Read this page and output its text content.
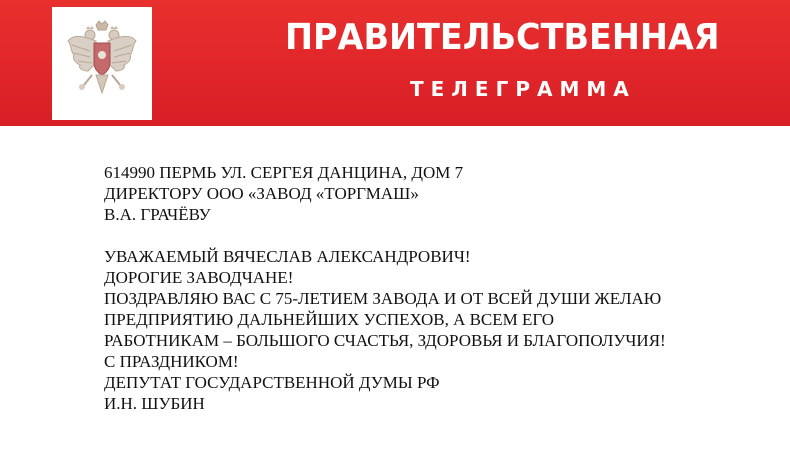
ПРАВИТЕЛЬСТВЕННАЯ
ТЕЛЕГРАММА
614990 ПЕРМЬ УЛ. СЕРГЕЯ ДАНЦИНА, ДОМ 7
ДИРЕКТОРУ ООО «ЗАВОД «ТОРГМАШ»
В.А. ГРАЧЁВУ
УВАЖАЕМЫЙ ВЯЧЕСЛАВ АЛЕКСАНДРОВИЧ!
ДОРОГИЕ ЗАВОДЧАНЕ!
ПОЗДРАВЛЯЮ ВАС С 75-ЛЕТИЕМ ЗАВОДА И ОТ ВСЕЙ ДУШИ ЖЕЛАЮ
ПРЕДПРИЯТИЮ ДАЛЬНЕЙШИХ УСПЕХОВ, А ВСЕМ ЕГО
РАБОТНИКАМ – БОЛЬШОГО СЧАСТЬЯ, ЗДОРОВЬЯ И БЛАГОПОЛУЧИЯ!
С ПРАЗДНИКОМ!
ДЕПУТАТ ГОСУДАРСТВЕННОЙ ДУМЫ РФ
И.Н. ШУБИН
